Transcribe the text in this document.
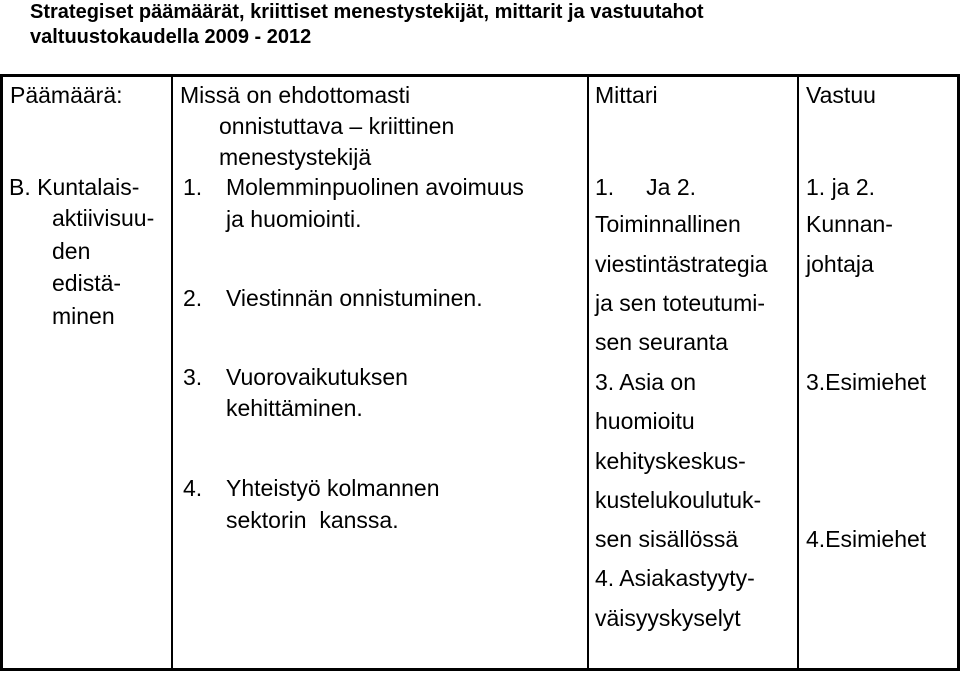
Strategiset päämäärät, kriittiset menestystekijät, mittarit ja vastuutahot
valtuustokaudella 2009 - 2012
Päämäärä: Missä on ehdottomasti
onnistuttava – kriittinen
menestystekijä
Mittari	Vastuu
B. Kuntalais-
aktiivisuu-
den
edistä-
minen
1. Molemminpuolinen avoimuus
ja huomiointi.
2. Viestinnän onnistuminen.
3. Vuorovaikutuksen
kehittäminen.
4. Yhteistyö kolmannen
sektorin  kanssa.
1.     Ja 2.
Toiminnallinen
viestintästrategia
ja sen toteutumi-
sen seuranta
3. Asia on
huomioitu
kehityskeskus-
kustelukoulutuk-
sen sisällössä
4. Asiakastyyty-
väisyyskyselyt
1. ja 2.
Kunnan-
johtaja
3.Esimiehet
4.Esimiehet
